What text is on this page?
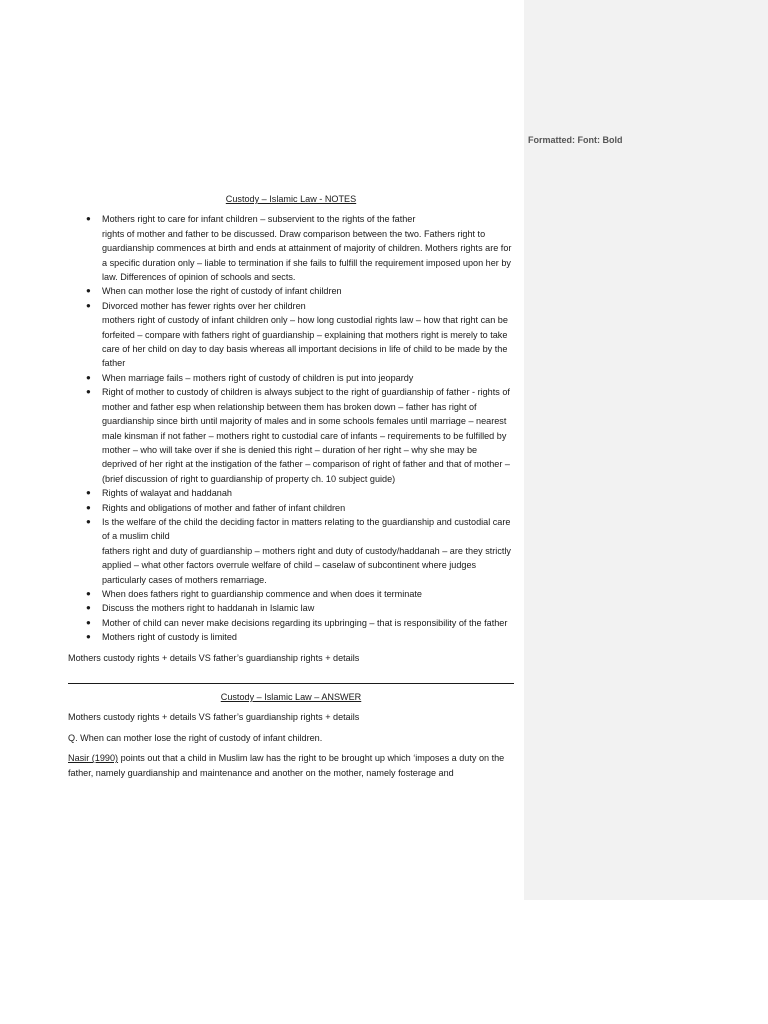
Formatted: Font: Bold
Custody – Islamic Law - NOTES
● Mothers right to care for infant children – subservient to the rights of the father
rights of mother and father to be discussed. Draw comparison between the two. Fathers right to guardianship commences at birth and ends at attainment of majority of children. Mothers rights are for a specific duration only – liable to termination if she fails to fulfill the requirement imposed upon her by law. Differences of opinion of schools and sects.
● When can mother lose the right of custody of infant children
● Divorced mother has fewer rights over her children
mothers right of custody of infant children only – how long custodial rights law – how that right can be forfeited – compare with fathers right of guardianship – explaining that mothers right is merely to take care of her child on day to day basis whereas all important decisions in life of child to be made by the father
● When marriage fails – mothers right of custody of children is put into jeopardy
● Right of mother to custody of children is always subject to the right of guardianship of father - rights of mother and father esp when relationship between them has broken down – father has right of guardianship since birth until majority of males and in some schools females until marriage – nearest male kinsman if not father – mothers right to custodial care of infants – requirements to be fulfilled by mother – who will take over if she is denied this right – duration of her right – why she may be deprived of her right at the instigation of the father – comparison of right of father and that of mother – (brief discussion of right to guardianship of property ch. 10 subject guide)
● Rights of walayat and haddanah
● Rights and obligations of mother and father of infant children
● Is the welfare of the child the deciding factor in matters relating to the guardianship and custodial care of a muslim child
fathers right and duty of guardianship – mothers right and duty of custody/haddanah – are they strictly applied – what other factors overrule welfare of child – caselaw of subcontinent where judges particularly cases of mothers remarriage.
● When does fathers right to guardianship commence and when does it terminate
● Discuss the mothers right to haddanah in Islamic law
● Mother of child can never make decisions regarding its upbringing – that is responsibility of the father
● Mothers right of custody is limited

Mothers custody rights + details VS father’s guardianship rights + details

Custody – Islamic Law – ANSWER

Mothers custody rights + details VS father’s guardianship rights + details

Q. When can mother lose the right of custody of infant children.

Nasir (1990) points out that a child in Muslim law has the right to be brought up which ‘imposes a duty on the father, namely guardianship and maintenance and another on the mother, namely fosterage and
